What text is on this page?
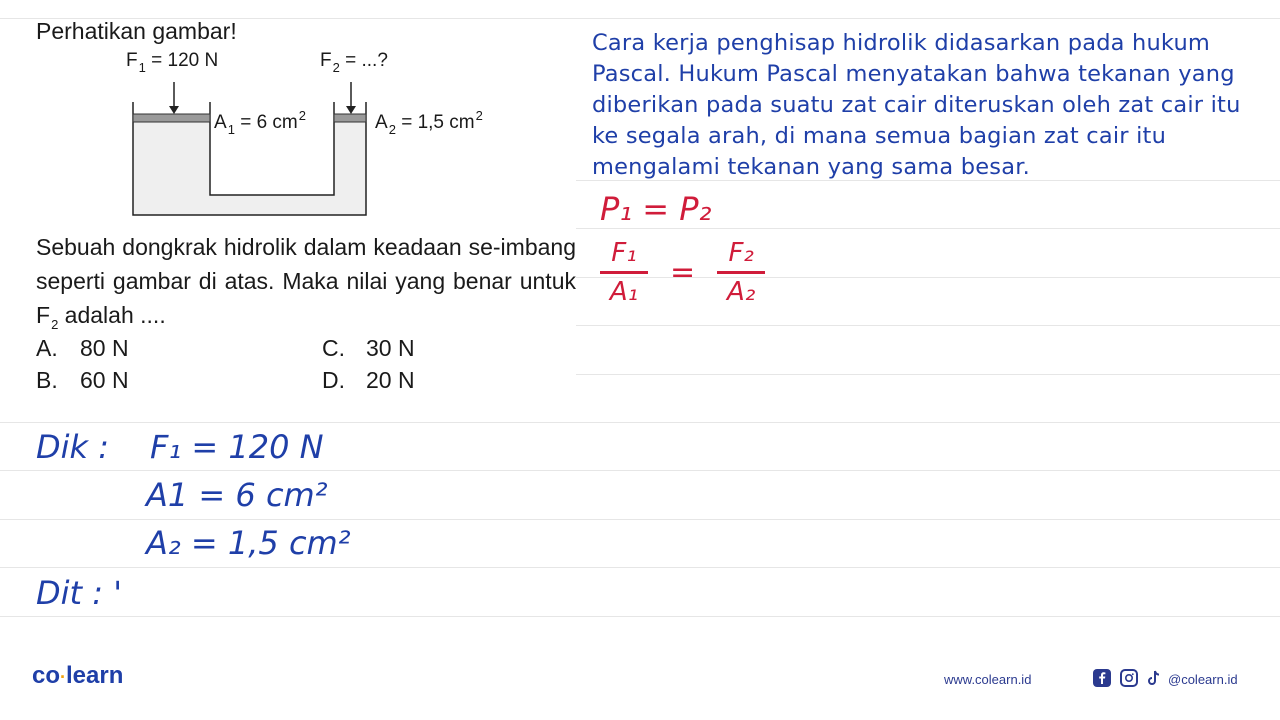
Perhatikan gambar!
$F_1 = 120$ N	$F_2$ = ...?
$A_1 = 6$ $cm^2$	$A_2 = 1,5$ $cm^2$
Sebuah dongkrak hidrolik dalam keadaan se-imbang seperti gambar di atas. Maka nilai yang benar untuk $F_2$ adalah ....
A. 80 N
B. 60 N
C. 30 N
D. 20 N
Cara kerja penghisap hidrolik didasarkan pada hukum Pascal. Hukum Pascal menyatakan bahwa tekanan yang diberikan pada suatu zat cair diteruskan oleh zat cair itu ke segala arah, di mana semua bagian zat cair itu mengalami tekanan yang sama besar.
P₁ = P₂
$\frac{\text{F₁}}{\text{A₁}} = \frac{\text{F₂}}{\text{A₂}}$
Dik : F₁ = 120 N
A1 = 6 cm²
A₂ = 1,5 cm²
Dit : '
co·learn	www.colearn.id	@colearn.id
